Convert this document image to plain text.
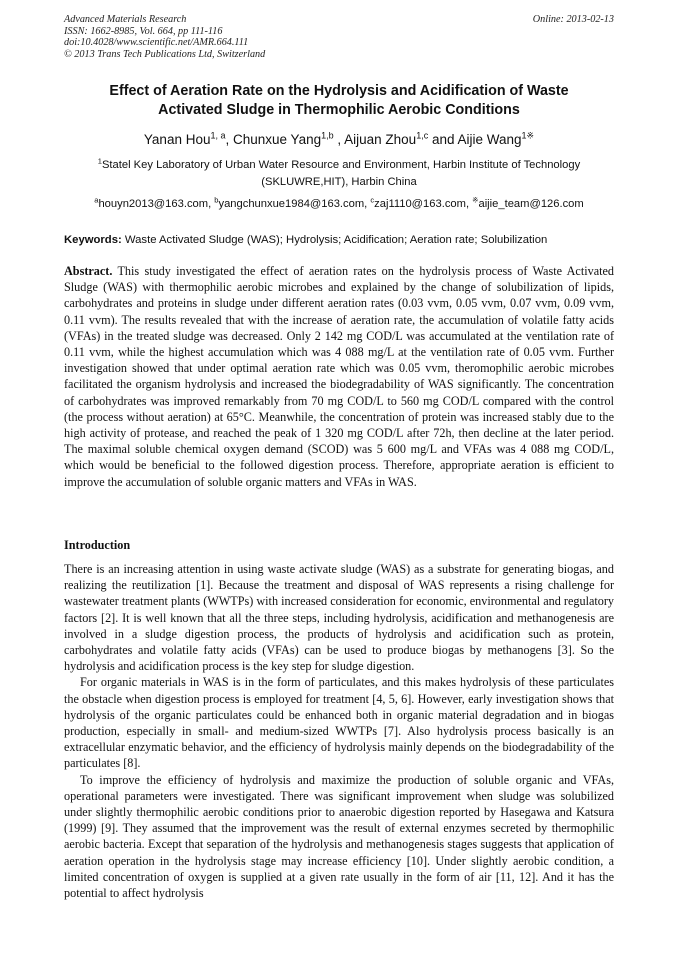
Advanced Materials Research
ISSN: 1662-8985, Vol. 664, pp 111-116
doi:10.4028/www.scientific.net/AMR.664.111
© 2013 Trans Tech Publications Ltd, Switzerland
Online: 2013-02-13
Effect of Aeration Rate on the Hydrolysis and Acidification of Waste
Activated Sludge in Thermophilic Aerobic Conditions
Yanan Hou$^{1, a}$, Chunxue Yang$^{1,b}$ , Aijuan Zhou$^{1,c}$ and Aijie Wang$^{1※}$
$^1$Statel Key Laboratory of Urban Water Resource and Environment, Harbin Institute of Technology
(SKLUWRE,HIT), Harbin China
$^a$houyn2013@163.com, $^b$yangchunxue1984@163.com, $^c$zaj1110@163.com, ※aijie_team@126.com
Keywords: Waste Activated Sludge (WAS); Hydrolysis; Acidification; Aeration rate; Solubilization
Abstract. This study investigated the effect of aeration rates on the hydrolysis process of Waste Activated Sludge (WAS) with thermophilic aerobic microbes and explained by the change of solubilization of lipids, carbohydrates and proteins in sludge under different aeration rates (0.03 vvm, 0.05 vvm, 0.07 vvm, 0.09 vvm, 0.11 vvm). The results revealed that with the increase of aeration rate, the accumulation of volatile fatty acids (VFAs) in the treated sludge was decreased. Only 2 142 mg COD/L was accumulated at the ventilation rate of 0.11 vvm, while the highest accumulation which was 4 088 mg/L at the ventilation rate of 0.05 vvm. Further investigation showed that under optimal aeration rate which was 0.05 vvm, theromophilic aerobic microbes facilitated the organism hydrolysis and increased the biodegradability of WAS significantly. The concentration of carbohydrates was improved remarkably from 70 mg COD/L to 560 mg COD/L compared with the control (the process without aeration) at 65°C. Meanwhile, the concentration of protein was increased stably due to the high activity of protease, and reached the peak of 1 320 mg COD/L after 72h, then decline at the later period. The maximal soluble chemical oxygen demand (SCOD) was 5 600 mg/L and VFAs was 4 088 mg COD/L, which would be beneficial to the followed digestion process. Therefore, appropriate aeration is efficient to improve the accumulation of soluble organic matters and VFAs in WAS.
Introduction

There is an increasing attention in using waste activate sludge (WAS) as a substrate for generating biogas, and realizing the reutilization [1]. Because the treatment and disposal of WAS represents a rising challenge for wastewater treatment plants (WWTPs) with increased consideration for economic, environmental and regulatory factors [2]. It is well known that all the three steps, including hydrolysis, acidification and methanogenesis are involved in a sludge digestion process, the products of hydrolysis and acidification such as protein, carbohydrates and volatile fatty acids (VFAs) can be used to produce biogas by methanogens [3]. So the hydrolysis and acidification process is the key step for sludge digestion.

For organic materials in WAS is in the form of particulates, and this makes hydrolysis of these particulates the obstacle when digestion process is employed for treatment [4, 5, 6]. However, early investigation shows that hydrolysis of the organic particulates could be enhanced both in organic material degradation and in biogas production, especially in small- and medium-sized WWTPs [7]. Also hydrolysis process basically is an extracellular enzymatic behavior, and the efficiency of hydrolysis mainly depends on the biodegradability of the particulates [8].

To improve the efficiency of hydrolysis and maximize the production of soluble organic and VFAs, operational parameters were investigated. There was significant improvement when sludge was solubilized under slightly thermophilic aerobic conditions prior to anaerobic digestion reported by Hasegawa and Katsura (1999) [9]. They assumed that the improvement was the result of external enzymes secreted by thermophilic aerobic bacteria. Except that separation of the hydrolysis and methanogenesis stages suggests that application of aeration operation in the hydrolysis stage may increase efficiency [10]. Under slightly aerobic condition, a limited concentration of oxygen is supplied at a given rate usually in the form of air [11, 12]. And it has the potential to affect hydrolysis
